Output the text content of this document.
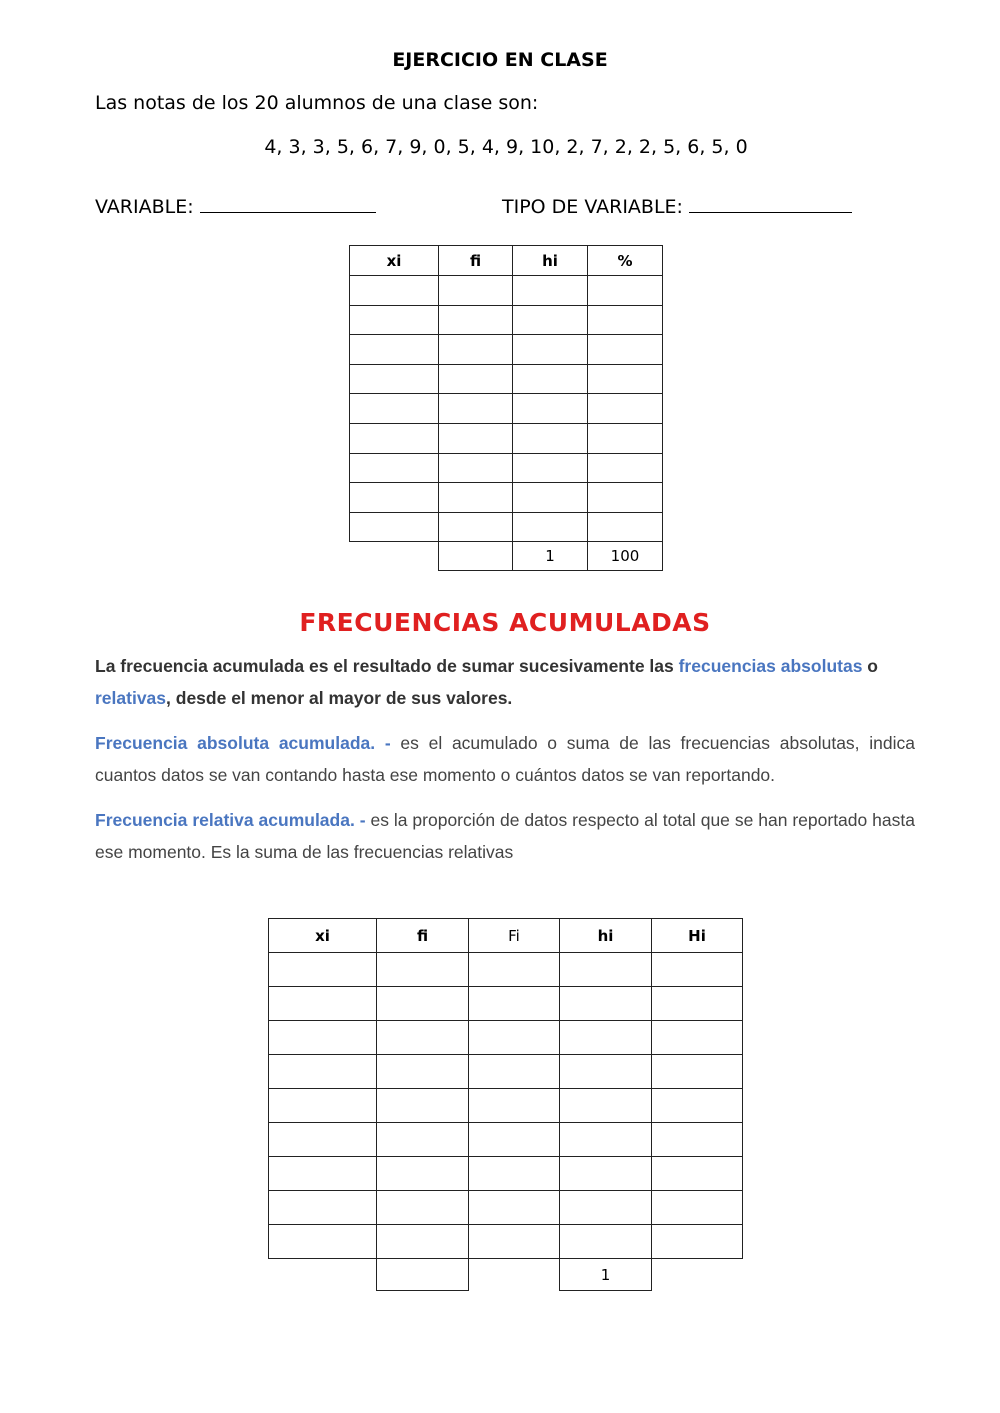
EJERCICIO EN CLASE
Las notas de los 20 alumnos de una clase son:
4, 3, 3, 5, 6, 7, 9, 0, 5, 4, 9, 10, 2, 7, 2, 2, 5, 6, 5, 0
VARIABLE:	TIPO DE VARIABLE:
xi	fi	hi	%

		1	100
FRECUENCIAS ACUMULADAS
La frecuencia acumulada es el resultado de sumar sucesivamente las frecuencias absolutas o relativas, desde el menor al mayor de sus valores.
Frecuencia absoluta acumulada. - es el acumulado o suma de las frecuencias absolutas, indica cuantos datos se van contando hasta ese momento o cuántos datos se van reportando.
Frecuencia relativa acumulada. - es la proporción de datos respecto al total que se han reportado hasta ese momento. Es la suma de las frecuencias relativas
xi	fi	Fi	hi	Hi

			1	
